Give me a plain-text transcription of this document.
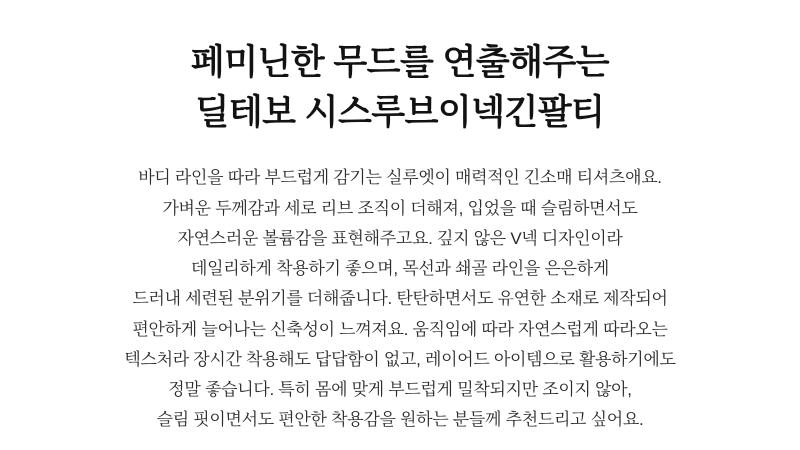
페미닌한 무드를 연출해주는
딜테보 시스루브이넥긴팔티
바디 라인을 따라 부드럽게 감기는 실루엣이 매력적인 긴소매 티셔츠애요.
가벼운 두께감과 세로 리브 조직이 더해져, 입었을 때 슬림하면서도
자연스러운 볼륨감을 표현해주고요. 깊지 않은 V넥 디자인이라
데일리하게 착용하기 좋으며, 목선과 쇄골 라인을 은은하게
드러내 세련된 분위기를 더해줍니다. 탄탄하면서도 유연한 소재로 제작되어
편안하게 늘어나는 신축성이 느껴져요. 움직임에 따라 자연스럽게 따라오는
텍스처라 장시간 착용해도 답답함이 없고, 레이어드 아이템으로 활용하기에도
정말 좋습니다. 특히 몸에 맞게 부드럽게 밀착되지만 조이지 않아,
슬림 핏이면서도 편안한 착용감을 원하는 분들께 추천드리고 싶어요.
